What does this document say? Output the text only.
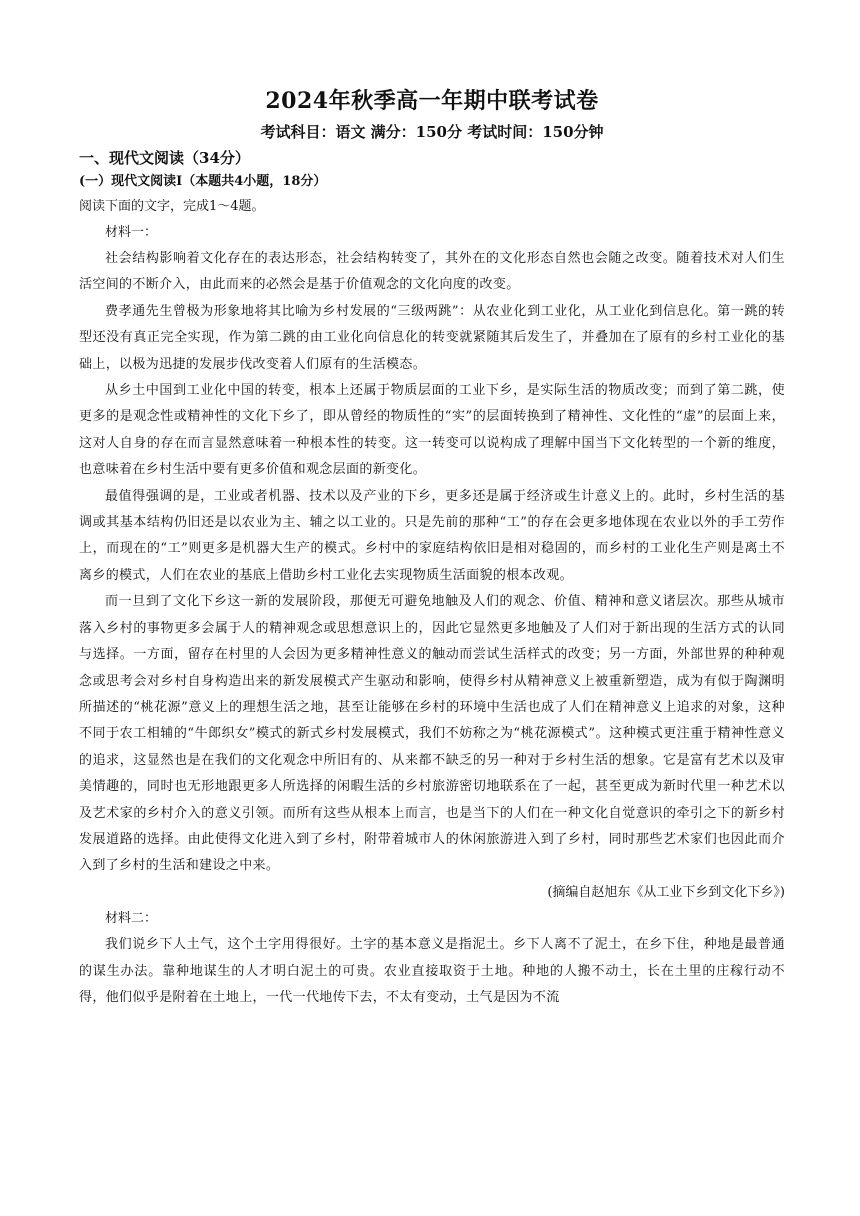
2024年秋季高一年期中联考试卷
考试科目：语文 满分：150分 考试时间：150分钟
一、现代文阅读（34分）
(一）现代文阅读Ⅰ（本题共4小题，18分）
阅读下面的文字，完成1～4题。
材料一：

社会结构影响着文化存在的表达形态，社会结构转变了，其外在的文化形态自然也会随之改变。随着技术对人们生活空间的不断介入，由此而来的必然会是基于价值观念的文化向度的改变。

费孝通先生曾极为形象地将其比喻为乡村发展的“三级两跳”：从农业化到工业化，从工业化到信息化。第一跳的转型还没有真正完全实现，作为第二跳的由工业化向信息化的转变就紧随其后发生了，并叠加在了原有的乡村工业化的基础上，以极为迅捷的发展步伐改变着人们原有的生活模态。

从乡土中国到工业化中国的转变，根本上还属于物质层面的工业下乡，是实际生活的物质改变；而到了第二跳，使更多的是观念性或精神性的文化下乡了，即从曾经的物质性的“实”的层面转换到了精神性、文化性的“虚”的层面上来，这对人自身的存在而言显然意味着一种根本性的转变。这一转变可以说构成了理解中国当下文化转型的一个新的维度，也意味着在乡村生活中要有更多价值和观念层面的新变化。

最值得强调的是，工业或者机器、技术以及产业的下乡，更多还是属于经济或生计意义上的。此时，乡村生活的基调或其基本结构仍旧还是以农业为主、辅之以工业的。只是先前的那种“工”的存在会更多地体现在农业以外的手工劳作上，而现在的“工”则更多是机器大生产的模式。乡村中的家庭结构依旧是相对稳固的，而乡村的工业化生产则是离土不离乡的模式，人们在农业的基底上借助乡村工业化去实现物质生活面貌的根本改观。

而一旦到了文化下乡这一新的发展阶段，那便无可避免地触及人们的观念、价值、精神和意义诸层次。那些从城市落入乡村的事物更多会属于人的精神观念或思想意识上的，因此它显然更多地触及了人们对于新出现的生活方式的认同与选择。一方面，留存在村里的人会因为更多精神性意义的触动而尝试生活样式的改变；另一方面，外部世界的种种观念或思考会对乡村自身构造出来的新发展模式产生驱动和影响，使得乡村从精神意义上被重新塑造，成为有似于陶渊明所描述的“桃花源”意义上的理想生活之地，甚至让能够在乡村的环境中生活也成了人们在精神意义上追求的对象，这种不同于农工相辅的“牛郎织女”模式的新式乡村发展模式，我们不妨称之为“桃花源模式”。这种模式更注重于精神性意义的追求，这显然也是在我们的文化观念中所旧有的、从来都不缺乏的另一种对于乡村生活的想象。它是富有艺术以及审美情趣的，同时也无形地跟更多人所选择的闲暇生活的乡村旅游密切地联系在了一起，甚至更成为新时代里一种艺术以及艺术家的乡村介入的意义引领。而所有这些从根本上而言，也是当下的人们在一种文化自觉意识的牵引之下的新乡村发展道路的选择。由此使得文化进入到了乡村，附带着城市人的休闲旅游进入到了乡村，同时那些艺术家们也因此而介入到了乡村的生活和建设之中来。

(摘编自赵旭东《从工业下乡到文化下乡》)
材料二：

我们说乡下人土气，这个土字用得很好。土字的基本意义是指泥土。乡下人离不了泥土，在乡下住，种地是最普通的谋生办法。靠种地谋生的人才明白泥土的可贵。农业直接取资于土地。种地的人搬不动土，长在土里的庄稼行动不得，他们似乎是附着在土地上，一代一代地传下去，不太有变动，土气是因为不流
